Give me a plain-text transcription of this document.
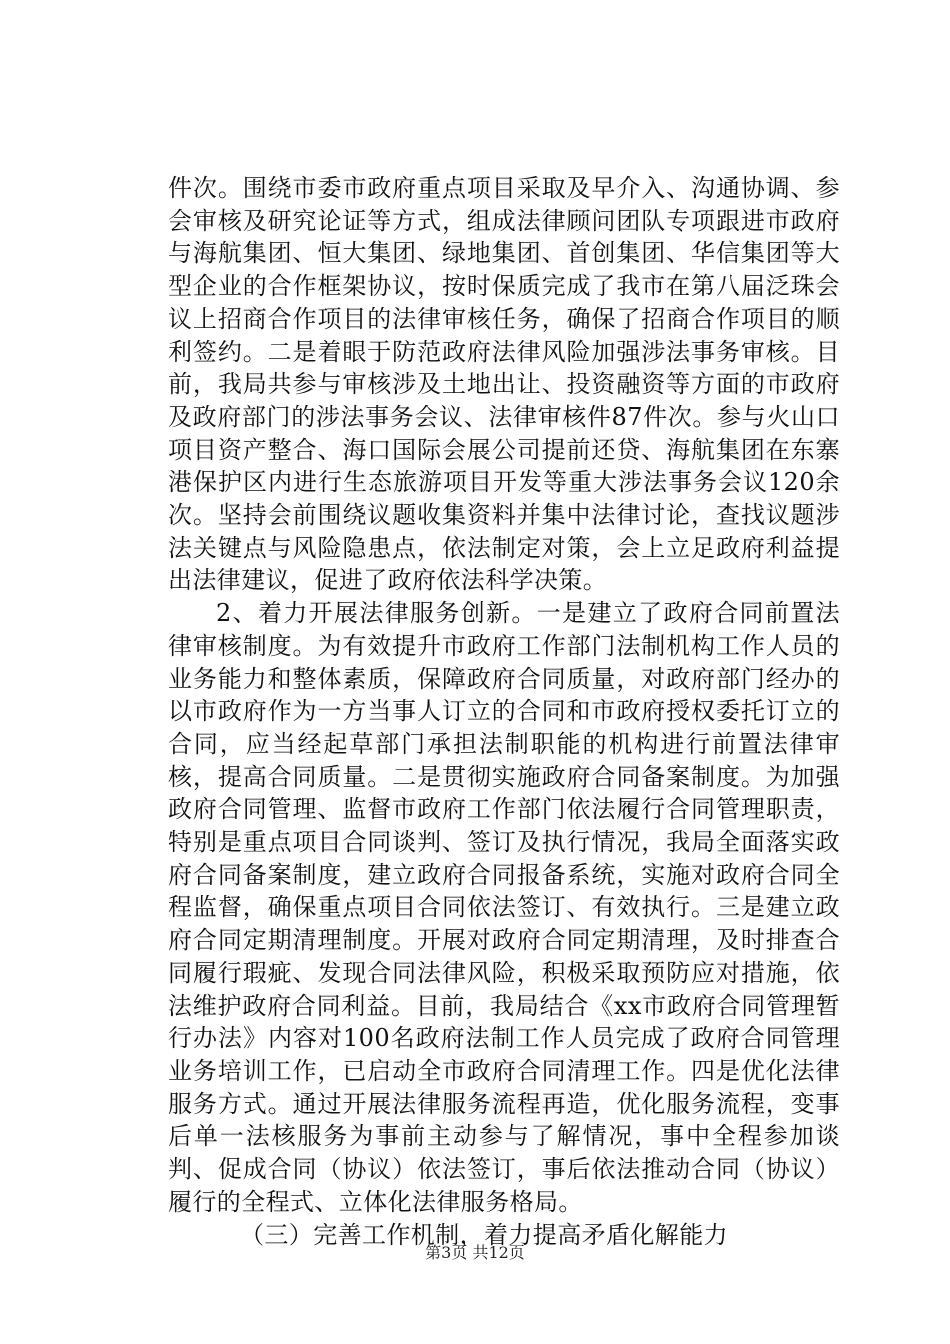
件次。围绕市委市政府重点项目采取及早介入、沟通协调、参会审核及研究论证等方式，组成法律顾问团队专项跟进市政府与海航集团、恒大集团、绿地集团、首创集团、华信集团等大型企业的合作框架协议，按时保质完成了我市在第八届泛珠会议上招商合作项目的法律审核任务，确保了招商合作项目的顺利签约。二是着眼于防范政府法律风险加强涉法事务审核。目前，我局共参与审核涉及土地出让、投资融资等方面的市政府及政府部门的涉法事务会议、法律审核件87件次。参与火山口项目资产整合、海口国际会展公司提前还贷、海航集团在东寨港保护区内进行生态旅游项目开发等重大涉法事务会议120余次。坚持会前围绕议题收集资料并集中法律讨论，查找议题涉法关键点与风险隐患点，依法制定对策，会上立足政府利益提出法律建议，促进了政府依法科学决策。

2、着力开展法律服务创新。一是建立了政府合同前置法律审核制度。为有效提升市政府工作部门法制机构工作人员的业务能力和整体素质，保障政府合同质量，对政府部门经办的以市政府作为一方当事人订立的合同和市政府授权委托订立的合同，应当经起草部门承担法制职能的机构进行前置法律审核，提高合同质量。二是贯彻实施政府合同备案制度。为加强政府合同管理、监督市政府工作部门依法履行合同管理职责，特别是重点项目合同谈判、签订及执行情况，我局全面落实政府合同备案制度，建立政府合同报备系统，实施对政府合同全程监督，确保重点项目合同依法签订、有效执行。三是建立政府合同定期清理制度。开展对政府合同定期清理，及时排查合同履行瑕疵、发现合同法律风险，积极采取预防应对措施，依法维护政府合同利益。目前，我局结合《xx市政府合同管理暂行办法》内容对100名政府法制工作人员完成了政府合同管理业务培训工作，已启动全市政府合同清理工作。四是优化法律服务方式。通过开展法律服务流程再造，优化服务流程，变事后单一法核服务为事前主动参与了解情况，事中全程参加谈判、促成合同（协议）依法签订，事后依法推动合同（协议）履行的全程式、立体化法律服务格局。

（三）完善工作机制，着力提高矛盾化解能力

第3页 共12页
